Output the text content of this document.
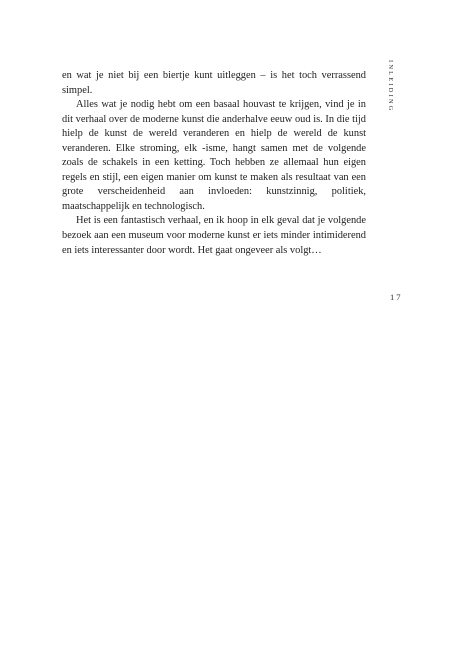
en wat je niet bij een biertje kunt uitleggen – is het toch verrassend simpel.

Alles wat je nodig hebt om een basaal houvast te krijgen, vind je in dit verhaal over de moderne kunst die anderhalve eeuw oud is. In die tijd hielp de kunst de wereld veranderen en hielp de wereld de kunst veranderen. Elke stroming, elk -isme, hangt samen met de volgende zoals de schakels in een ketting. Toch hebben ze allemaal hun eigen regels en stijl, een eigen manier om kunst te maken als resultaat van een grote verscheidenheid aan invloeden: kunstzinnig, politiek, maatschappelijk en technologisch.

Het is een fantastisch verhaal, en ik hoop in elk geval dat je volgende bezoek aan een museum voor moderne kunst er iets minder intimiderend en iets interessanter door wordt. Het gaat ongeveer als volgt…

INLEIDING
17
